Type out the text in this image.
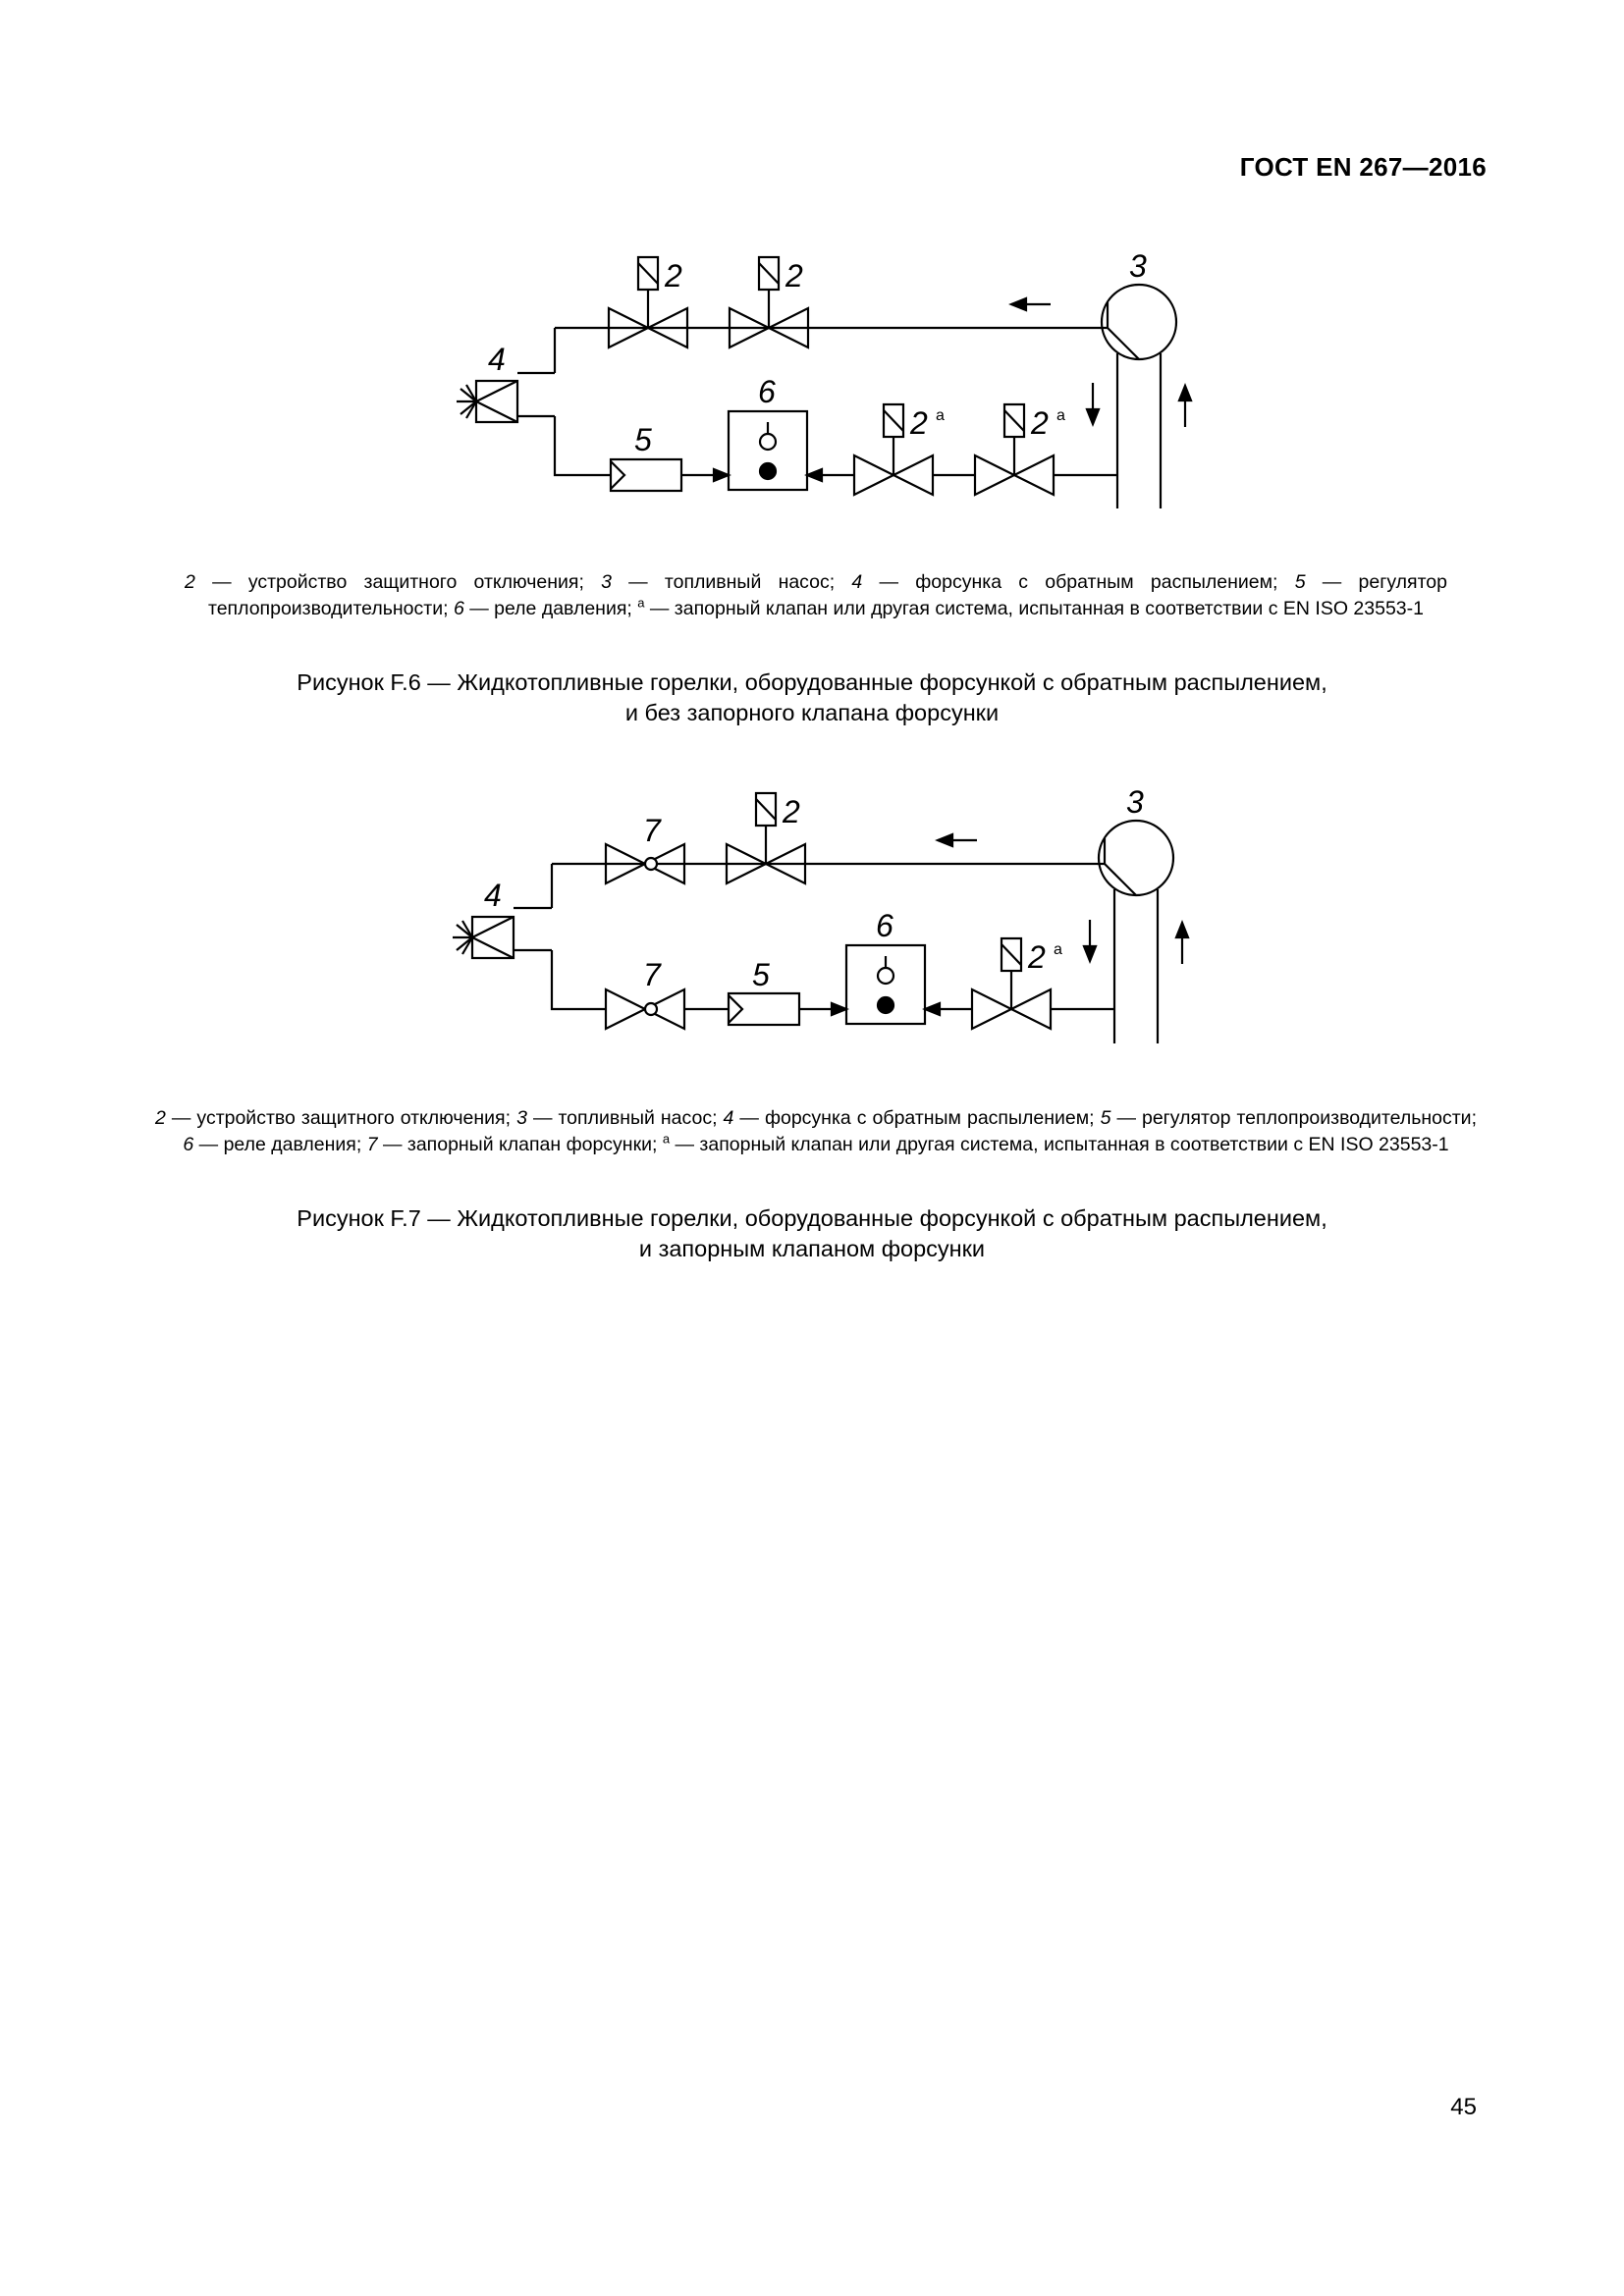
ГОСТ EN 267—2016
2	2	3
4
5
6
2 а	2 а
2 — устройство защитного отключения; 3 — топливный насос; 4 — форсунка с обратным распылением; 5 — регулятор теплопроизводительности; 6 — реле давления; $^а$ — запорный клапан или другая система, испытанная в соответствии с EN ISO 23553-1
Рисунок F.6 — Жидкотопливные горелки, оборудованные форсункой с обратным распылением,
и без запорного клапана форсунки
7
2	3
4
7	5
6
2 а
2 — устройство защитного отключения; 3 — топливный насос; 4 — форсунка с обратным распылением; 5 — регулятор теплопроизводительности; 6 — реле давления; 7 — запорный клапан форсунки; $^а$ — запорный клапан или другая система, испытанная в соответствии с EN ISO 23553-1
Рисунок F.7 — Жидкотопливные горелки, оборудованные форсункой с обратным распылением,
и запорным клапаном форсунки
45
